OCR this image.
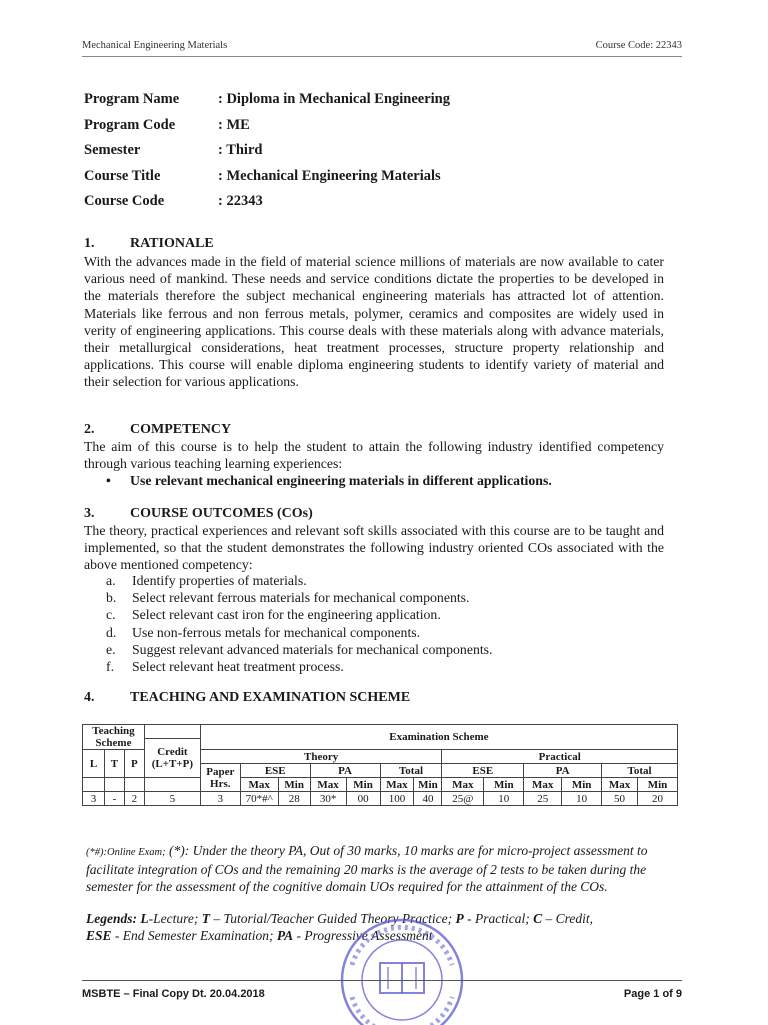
Mechanical Engineering Materials	Course Code: 22343
Program Name	: Diploma in Mechanical Engineering
Program Code	: ME
Semester	: Third
Course Title	: Mechanical Engineering Materials
Course Code	: 22343
1.	RATIONALE
With the advances made in the field of material science millions of materials are now available to cater various need of mankind. These needs and service conditions dictate the properties to be developed in the materials therefore the subject mechanical engineering materials has attracted lot of attention. Materials like ferrous and non ferrous metals, polymer, ceramics and composites are widely used in verity of engineering applications. This course deals with these materials along with advance materials, their metallurgical considerations, heat treatment processes, structure property relationship and applications. This course will enable diploma engineering students to identify variety of material and their selection for various applications.
2.	COMPETENCY
The aim of this course is to help the student to attain the following industry identified competency through various teaching learning experiences:
• Use relevant mechanical engineering materials in different applications.
3.	COURSE OUTCOMES (COs)
The theory, practical experiences and relevant soft skills associated with this course are to be taught and implemented, so that the student demonstrates the following industry oriented COs associated with the above mentioned competency:
a. Identify properties of materials.
b. Select relevant ferrous materials for mechanical components.
c. Select relevant cast iron for the engineering application.
d. Use non-ferrous metals for mechanical components.
e. Suggest relevant advanced materials for mechanical components.
f. Select relevant heat treatment process.
4.	TEACHING AND EXAMINATION SCHEME
Teaching Scheme				Examination Scheme												
			Credit (L+T+P)													
L	T	P		Theory							Practical					
				Paper Hrs.	ESE		PA		Total		ESE		PA		Total	
					Max	Min	Max	Min	Max	Min	Max	Min	Max	Min	Max	Min
3	-	2	5	3	70*#^	28	30*	00	100	40	25@	10	25	10	50	20
(*#):Online Exam; (*): Under the theory PA, Out of 30 marks, 10 marks are for micro-project assessment to facilitate integration of COs and the remaining 20 marks is the average of 2 tests to be taken during the semester for the assessment of the cognitive domain UOs required for the attainment of the COs.
Legends: L-Lecture; T – Tutorial/Teacher Guided Theory Practice; P - Practical; C – Credit,
ESE - End Semester Examination; PA - Progressive Assessment
MSBTE – Final Copy Dt. 20.04.2018	Page 1 of 9
